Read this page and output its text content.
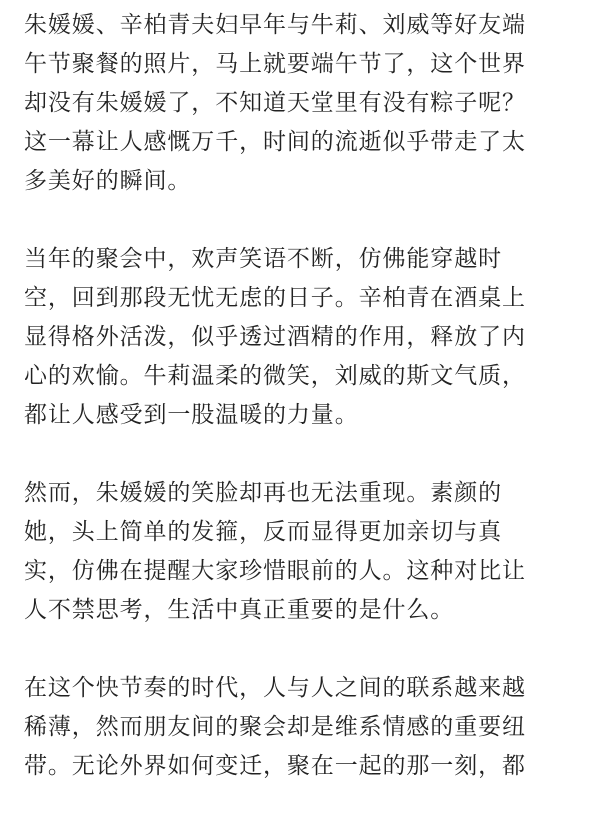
朱媛媛、辛柏青夫妇早年与牛莉、刘威等好友端
午节聚餐的照片，马上就要端午节了，这个世界
却没有朱媛媛了，不知道天堂里有没有粽子呢？
这一幕让人感慨万千，时间的流逝似乎带走了太
多美好的瞬间。

当年的聚会中，欢声笑语不断，仿佛能穿越时
空，回到那段无忧无虑的日子。辛柏青在酒桌上
显得格外活泼，似乎透过酒精的作用，释放了内
心的欢愉。牛莉温柔的微笑，刘威的斯文气质，
都让人感受到一股温暖的力量。

然而，朱媛媛的笑脸却再也无法重现。素颜的
她，头上简单的发箍，反而显得更加亲切与真
实，仿佛在提醒大家珍惜眼前的人。这种对比让
人不禁思考，生活中真正重要的是什么。

在这个快节奏的时代，人与人之间的联系越来越
稀薄，然而朋友间的聚会却是维系情感的重要纽
带。无论外界如何变迁，聚在一起的那一刻，都
